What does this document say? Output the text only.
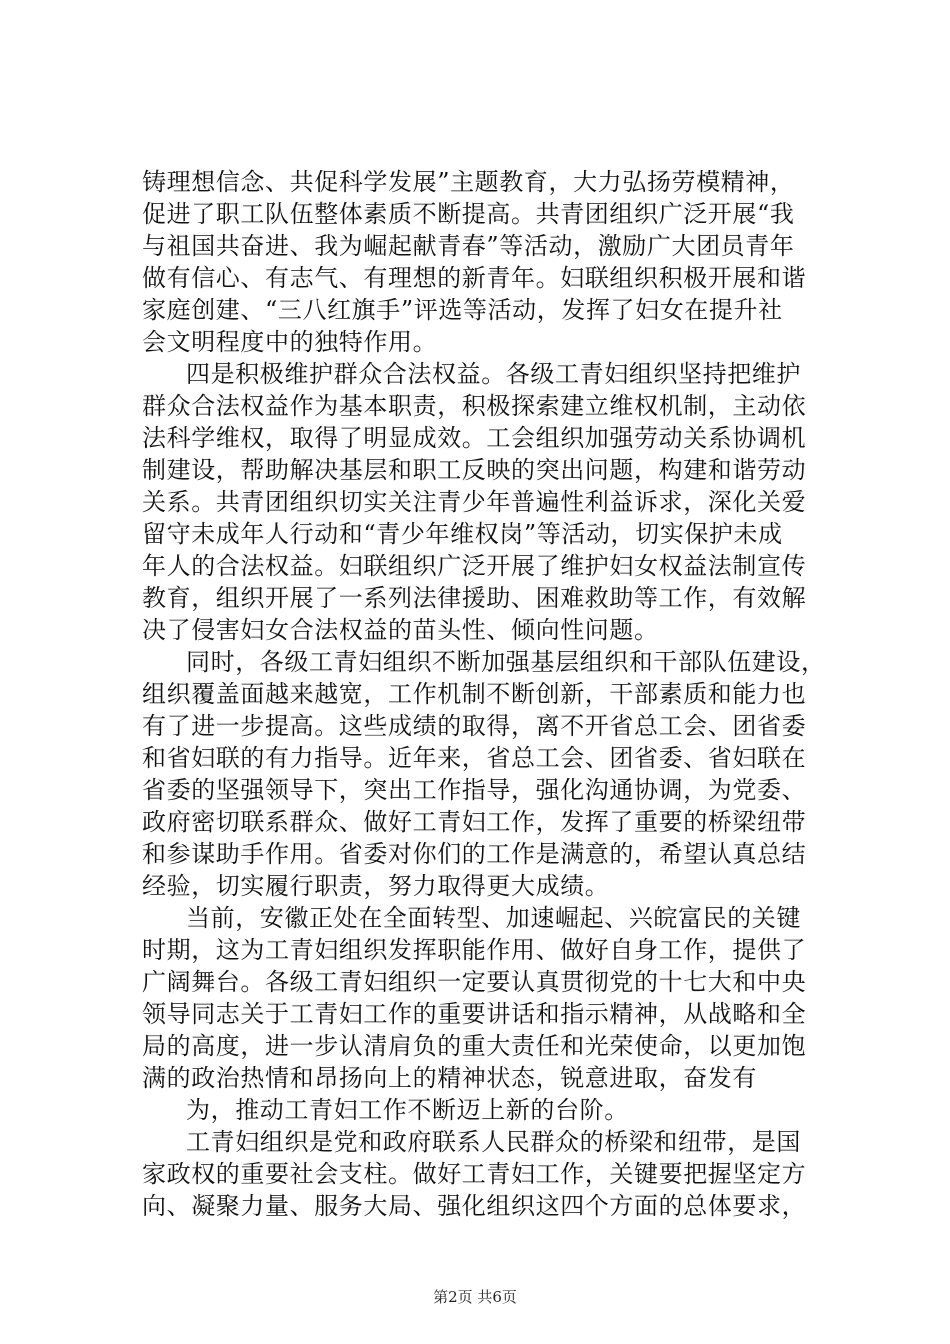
铸理想信念、共促科学发展”主题教育，大力弘扬劳模精神，
促进了职工队伍整体素质不断提高。共青团组织广泛开展“我
与祖国共奋进、我为崛起献青春”等活动，激励广大团员青年
做有信心、有志气、有理想的新青年。妇联组织积极开展和谐
家庭创建、“三八红旗手”评选等活动，发挥了妇女在提升社
会文明程度中的独特作用。
四是积极维护群众合法权益。各级工青妇组织坚持把维护
群众合法权益作为基本职责，积极探索建立维权机制，主动依
法科学维权，取得了明显成效。工会组织加强劳动关系协调机
制建设，帮助解决基层和职工反映的突出问题，构建和谐劳动
关系。共青团组织切实关注青少年普遍性利益诉求，深化关爱
留守未成年人行动和“青少年维权岗”等活动，切实保护未成
年人的合法权益。妇联组织广泛开展了维护妇女权益法制宣传
教育，组织开展了一系列法律援助、困难救助等工作，有效解
决了侵害妇女合法权益的苗头性、倾向性问题。
同时，各级工青妇组织不断加强基层组织和干部队伍建设，
组织覆盖面越来越宽，工作机制不断创新，干部素质和能力也
有了进一步提高。这些成绩的取得，离不开省总工会、团省委
和省妇联的有力指导。近年来，省总工会、团省委、省妇联在
省委的坚强领导下，突出工作指导，强化沟通协调，为党委、
政府密切联系群众、做好工青妇工作，发挥了重要的桥梁纽带
和参谋助手作用。省委对你们的工作是满意的，希望认真总结
经验，切实履行职责，努力取得更大成绩。
当前，安徽正处在全面转型、加速崛起、兴皖富民的关键
时期，这为工青妇组织发挥职能作用、做好自身工作，提供了
广阔舞台。各级工青妇组织一定要认真贯彻党的十七大和中央
领导同志关于工青妇工作的重要讲话和指示精神，从战略和全
局的高度，进一步认清肩负的重大责任和光荣使命，以更加饱
满的政治热情和昂扬向上的精神状态，锐意进取，奋发有
为，推动工青妇工作不断迈上新的台阶。
工青妇组织是党和政府联系人民群众的桥梁和纽带，是国
家政权的重要社会支柱。做好工青妇工作，关键要把握坚定方
向、凝聚力量、服务大局、强化组织这四个方面的总体要求，
第2页 共6页
